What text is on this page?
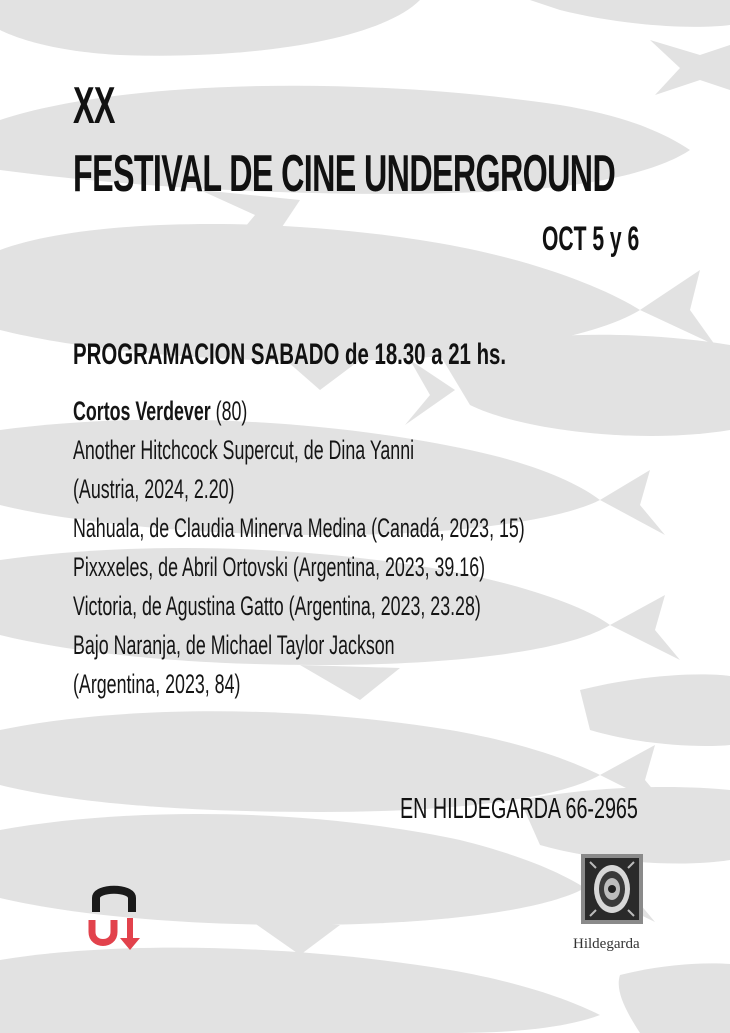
XX
FESTIVAL DE CINE UNDERGROUND
OCT 5 y 6
PROGRAMACION SABADO de 18.30 a 21 hs.
Cortos Verdever (80)
Another Hitchcock Supercut, de Dina Yanni
(Austria, 2024, 2.20)
Nahuala, de Claudia Minerva Medina (Canadá, 2023, 15)
Pixxxeles, de Abril Ortovski (Argentina, 2023, 39.16)
Victoria, de Agustina Gatto (Argentina, 2023, 23.28)
Bajo Naranja, de Michael Taylor Jackson
(Argentina, 2023, 84)
EN HILDEGARDA 66-2965
Hildegarda
